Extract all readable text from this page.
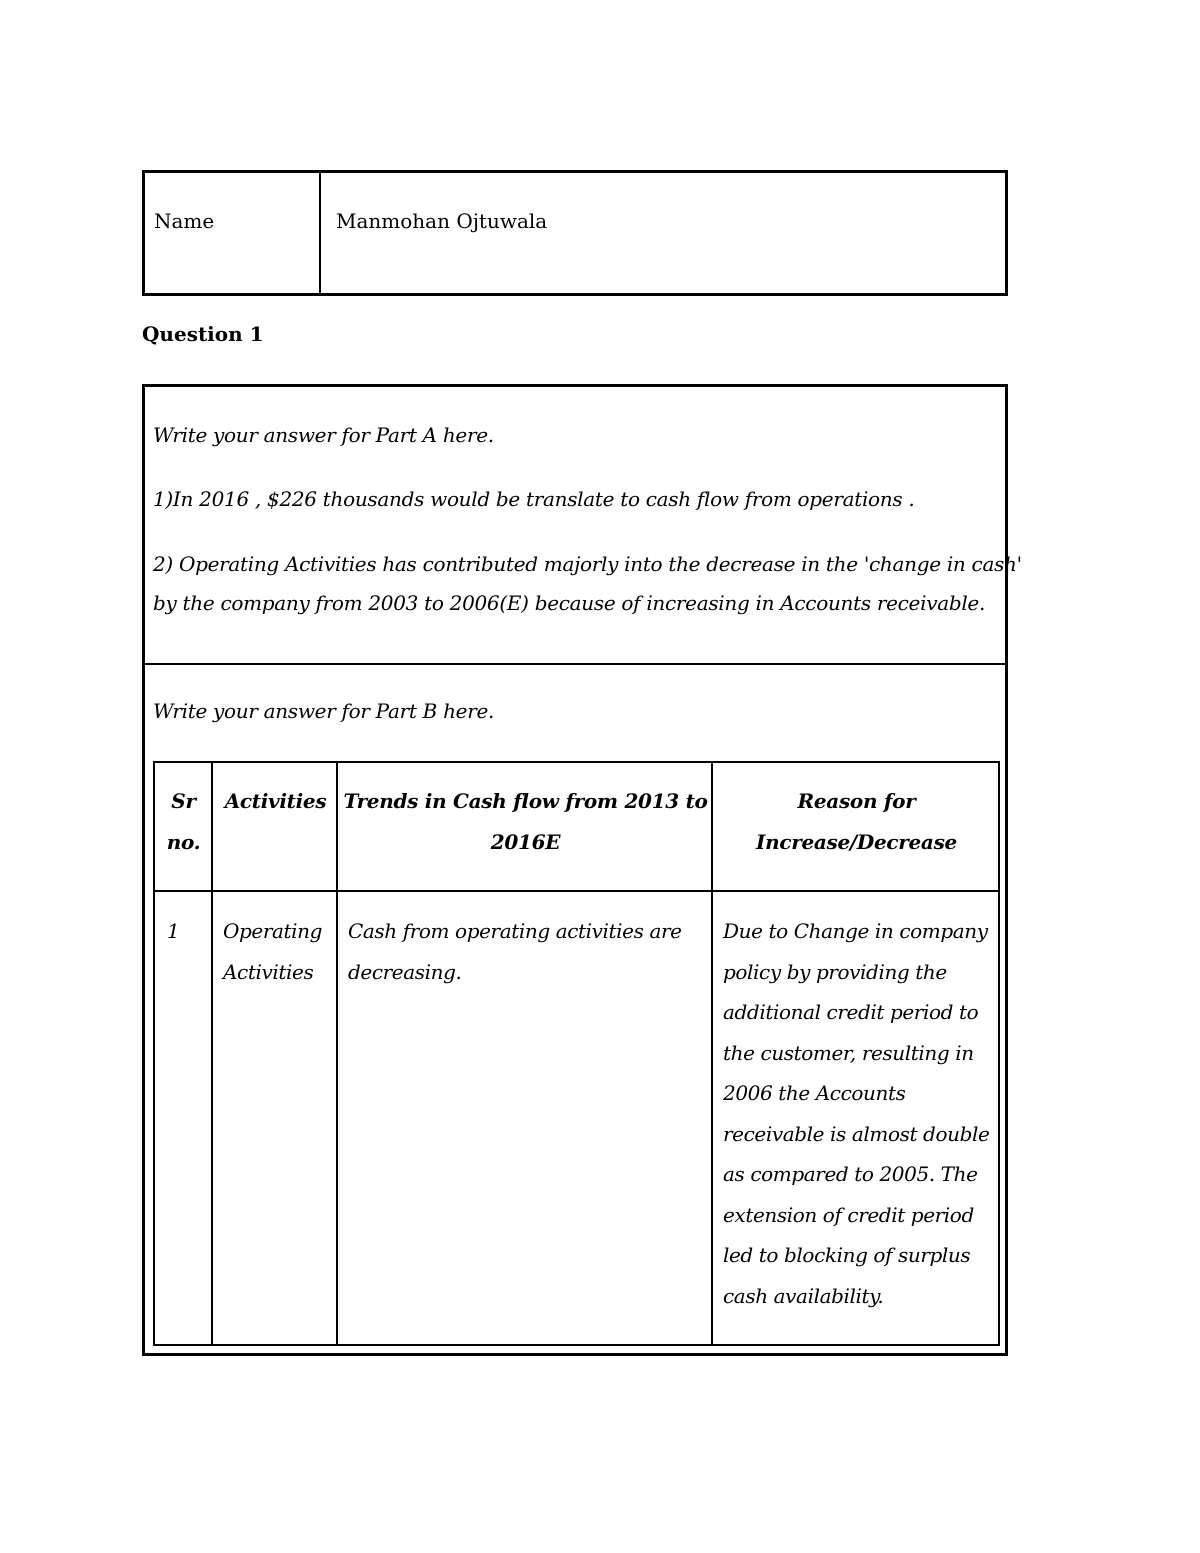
Name	Manmohan Ojtuwala
Question 1
Write your answer for Part A here.
1)In 2016 , $226 thousands would be translate to cash flow from operations .
2) Operating Activities has contributed majorly into the decrease in the 'change in cash'
by the company from 2003 to 2006(E) because of increasing in Accounts receivable.
Write your answer for Part B here.
Sr
no.
Activities Trends in Cash flow from 2013 to
2016E
Reason for
Increase/Decrease
1 Operating
Activities
Cash from operating activities are
decreasing.
Due to Change in company
policy by providing the
additional credit period to
the customer, resulting in
2006 the Accounts
receivable is almost double
as compared to 2005. The
extension of credit period
led to blocking of surplus
cash availability.
